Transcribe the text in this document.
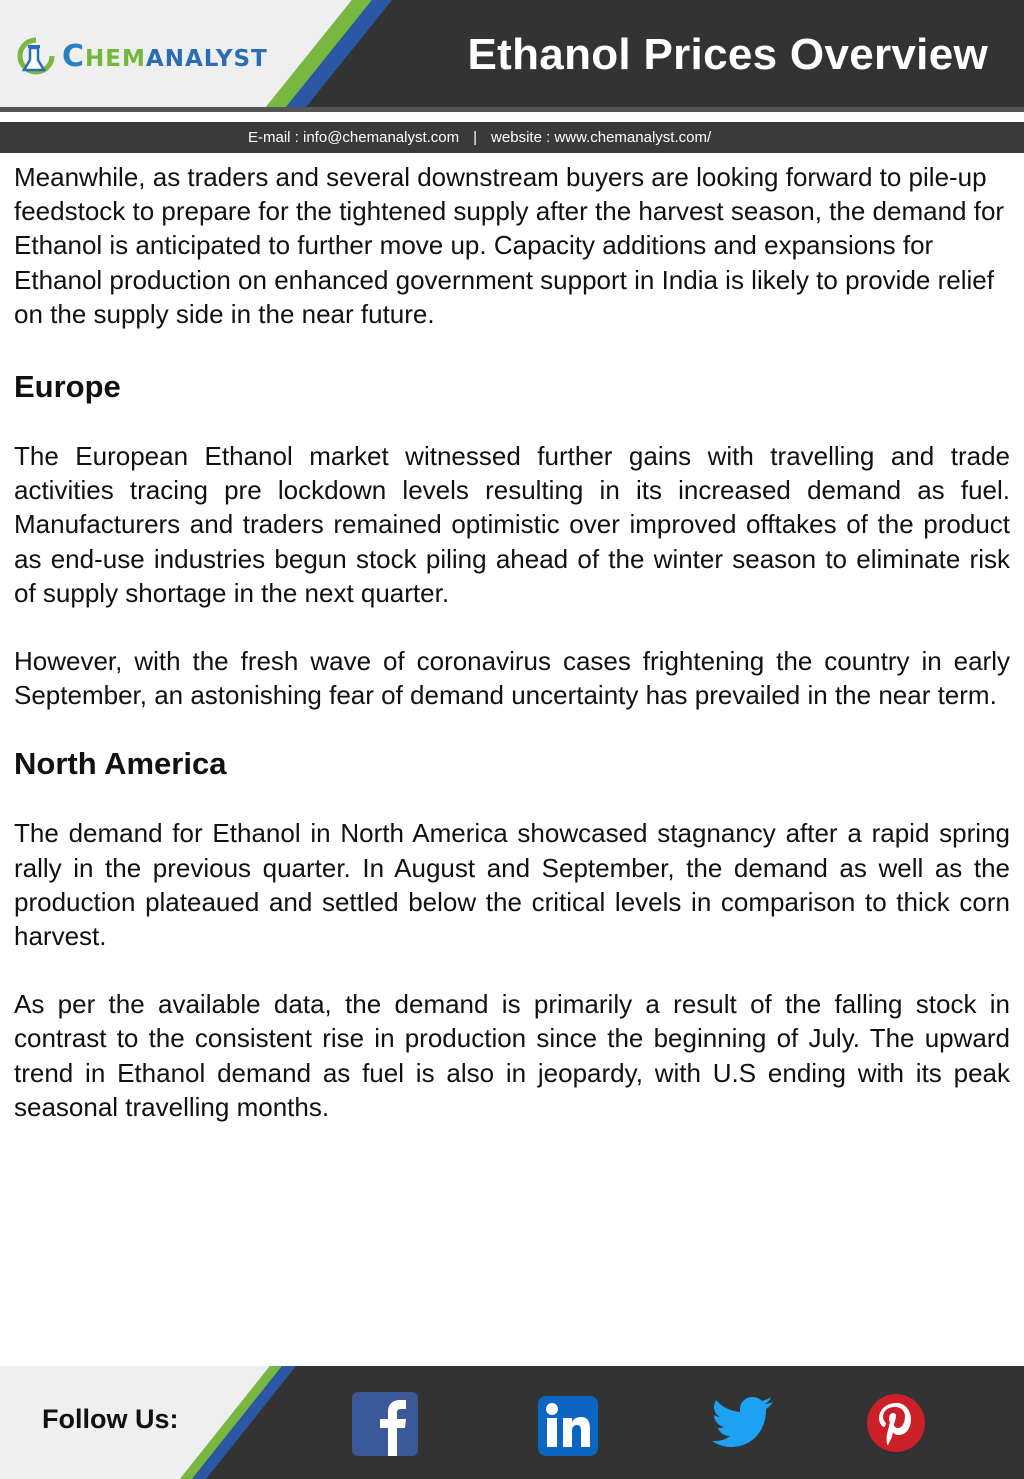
CHEMANALYST	Ethanol Prices Overview
E-mail : info@chemanalyst.com | website : www.chemanalyst.com/

Meanwhile, as traders and several downstream buyers are looking forward to pile-up feedstock to prepare for the tightened supply after the harvest season, the demand for Ethanol is anticipated to further move up. Capacity additions and expansions for Ethanol production on enhanced government support in India is likely to provide relief on the supply side in the near future.

Europe

The European Ethanol market witnessed further gains with travelling and trade activities tracing pre lockdown levels resulting in its increased demand as fuel. Manufacturers and traders remained optimistic over improved offtakes of the product as end-use industries begun stock piling ahead of the winter season to eliminate risk of supply shortage in the next quarter.

However, with the fresh wave of coronavirus cases frightening the country in early September, an astonishing fear of demand uncertainty has prevailed in the near term.

North America

The demand for Ethanol in North America showcased stagnancy after a rapid spring rally in the previous quarter. In August and September, the demand as well as the production plateaued and settled below the critical levels in comparison to thick corn harvest.

As per the available data, the demand is primarily a result of the falling stock in contrast to the consistent rise in production since the beginning of July. The upward trend in Ethanol demand as fuel is also in jeopardy, with U.S ending with its peak seasonal travelling months.

Follow Us:
